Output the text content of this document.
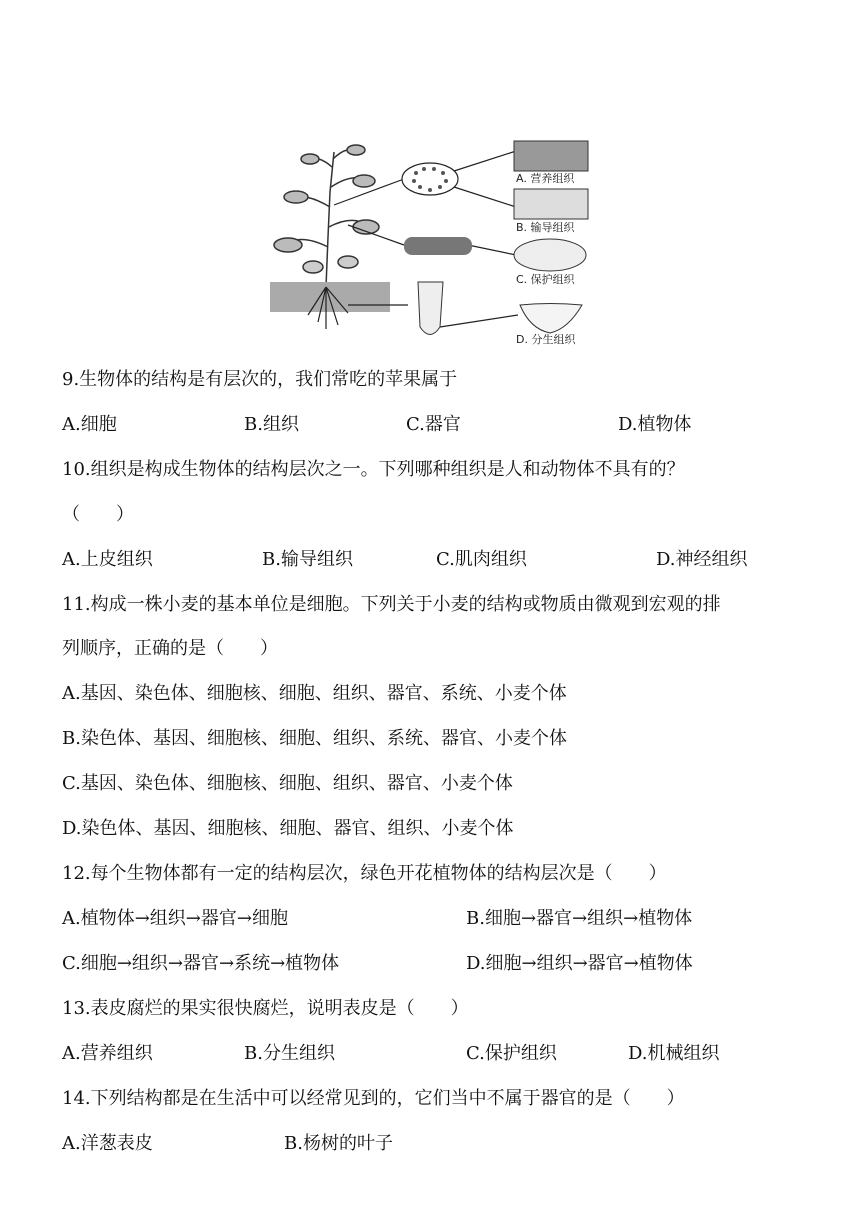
A. 营养组织
B. 输导组织
C. 保护组织
D. 分生组织
9.生物体的结构是有层次的，我们常吃的苹果属于
A.细胞	B.组织	C.器官	D.植物体
10.组织是构成生物体的结构层次之一。下列哪种组织是人和动物体不具有的？
（　　）
A.上皮组织	B.输导组织	C.肌肉组织	D.神经组织
11.构成一株小麦的基本单位是细胞。下列关于小麦的结构或物质由微观到宏观的排
列顺序，正确的是（　　）
A.基因、染色体、细胞核、细胞、组织、器官、系统、小麦个体
B.染色体、基因、细胞核、细胞、组织、系统、器官、小麦个体
C.基因、染色体、细胞核、细胞、组织、器官、小麦个体
D.染色体、基因、细胞核、细胞、器官、组织、小麦个体
12.每个生物体都有一定的结构层次，绿色开花植物体的结构层次是（　　）
A.植物体→组织→器官→细胞	B.细胞→器官→组织→植物体
C.细胞→组织→器官→系统→植物体	D.细胞→组织→器官→植物体
13.表皮腐烂的果实很快腐烂，说明表皮是（　　）
A.营养组织	B.分生组织	C.保护组织	D.机械组织
14.下列结构都是在生活中可以经常见到的，它们当中不属于器官的是（　　）
A.洋葱表皮	B.杨树的叶子
